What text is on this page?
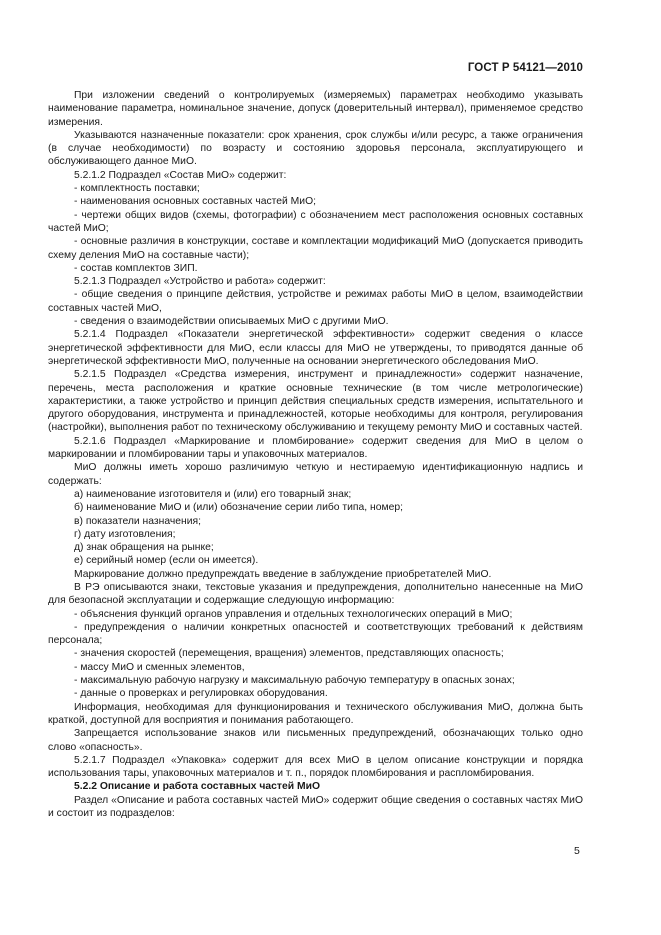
ГОСТ Р 54121—2010

При изложении сведений о контролируемых (измеряемых) параметрах необходимо указывать наименование параметра, номинальное значение, допуск (доверительный интервал), применяемое средство измерения.

Указываются назначенные показатели: срок хранения, срок службы и/или ресурс, а также ограничения (в случае необходимости) по возрасту и состоянию здоровья персонала, эксплуатирующего и обслуживающего данное МиО.

5.2.1.2 Подраздел «Состав МиО» содержит:

- комплектность поставки;

- наименования основных составных частей МиО;

- чертежи общих видов (схемы, фотографии) с обозначением мест расположения основных составных частей МиО;

- основные различия в конструкции, составе и комплектации модификаций МиО (допускается приводить схему деления МиО на составные части);

- состав комплектов ЗИП.

5.2.1.3 Подраздел «Устройство и работа» содержит:

- общие сведения о принципе действия, устройстве и режимах работы МиО в целом, взаимодействии составных частей МиО,

- сведения о взаимодействии описываемых МиО с другими МиО.

5.2.1.4 Подраздел «Показатели энергетической эффективности» содержит сведения о классе энергетической эффективности для МиО, если классы для МиО не утверждены, то приводятся данные об энергетической эффективности МиО, полученные на основании энергетического обследования МиО.

5.2.1.5 Подраздел «Средства измерения, инструмент и принадлежности» содержит назначение, перечень, места расположения и краткие основные технические (в том числе метрологические) характеристики, а также устройство и принцип действия специальных средств измерения, испытательного и другого оборудования, инструмента и принадлежностей, которые необходимы для контроля, регулирования (настройки), выполнения работ по техническому обслуживанию и текущему ремонту МиО и составных частей.

5.2.1.6 Подраздел «Маркирование и пломбирование» содержит сведения для МиО в целом о маркировании и пломбировании тары и упаковочных материалов.

МиО должны иметь хорошо различимую четкую и нестираемую идентификационную надпись и содержать:

а) наименование изготовителя и (или) его товарный знак;

б) наименование МиО и (или) обозначение серии либо типа, номер;

в) показатели назначения;

г) дату изготовления;

д) знак обращения на рынке;

е) серийный номер (если он имеется).

Маркирование должно предупреждать введение в заблуждение приобретателей МиО.

В РЭ описываются знаки, текстовые указания и предупреждения, дополнительно нанесенные на МиО для безопасной эксплуатации и содержащие следующую информацию:

- объяснения функций органов управления и отдельных технологических операций в МиО;

- предупреждения о наличии конкретных опасностей и соответствующих требований к действиям персонала;

- значения скоростей (перемещения, вращения) элементов, представляющих опасность;

- массу МиО и сменных элементов,

- максимальную рабочую нагрузку и максимальную рабочую температуру в опасных зонах;

- данные о проверках и регулировках оборудования.

Информация, необходимая для функционирования и технического обслуживания МиО, должна быть краткой, доступной для восприятия и понимания работающего.

Запрещается использование знаков или письменных предупреждений, обозначающих только одно слово «опасность».

5.2.1.7 Подраздел «Упаковка» содержит для всех МиО в целом описание конструкции и порядка использования тары, упаковочных материалов и т. п., порядок пломбирования и распломбирования.

5.2.2 Описание и работа составных частей МиО

Раздел «Описание и работа составных частей МиО» содержит общие сведения о составных частях МиО и состоит из подразделов:

5
